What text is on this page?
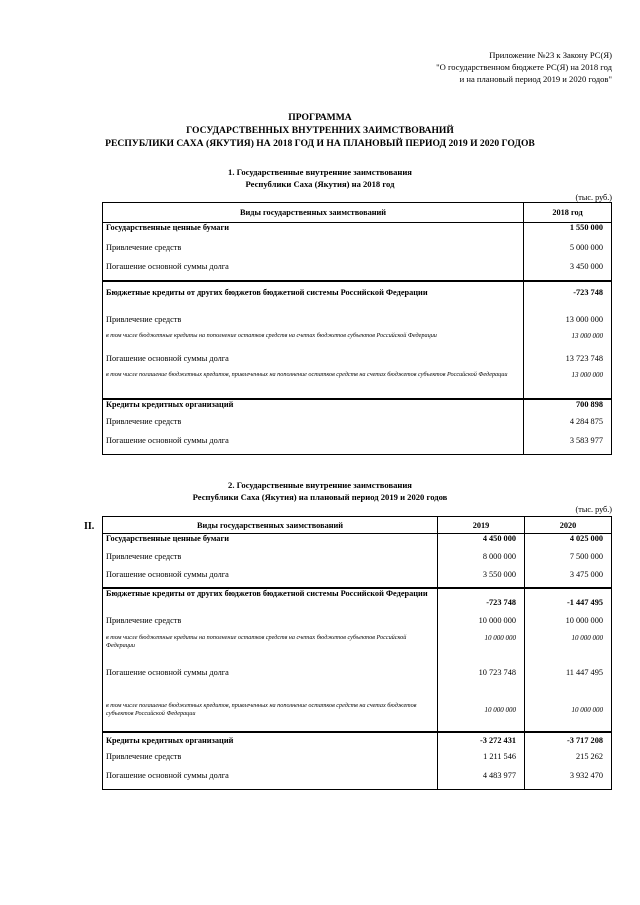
Приложение №23 к Закону РС(Я)
"О государственном бюджете РС(Я) на 2018 год
и на плановый период 2019 и 2020 годов"
ПРОГРАММА
ГОСУДАРСТВЕННЫХ ВНУТРЕННИХ ЗАИМСТВОВАНИЙ
РЕСПУБЛИКИ САХА (ЯКУТИЯ) НА 2018 ГОД И НА ПЛАНОВЫЙ ПЕРИОД 2019 И 2020 ГОДОВ
1. Государственные внутренние заимствования
Республики Саха (Якутия) на 2018 год
(тыс. руб.)
Виды государственных заимствований	2018 год
Государственные ценные бумаги	1 550 000
Привлечение средств	5 000 000
Погашение основной суммы долга	3 450 000
Бюджетные кредиты от других бюджетов бюджетной системы Российской Федерации	-723 748
Привлечение средств	13 000 000
в том числе бюджетные кредиты на пополнение остатков средств на счетах бюджетов субъектов Российской Федерации	13 000 000
Погашение основной суммы долга	13 723 748
в том числе погашение бюджетных кредитов, привлеченных на пополнение остатков средств на счетах бюджетов субъектов Российской Федерации	13 000 000
Кредиты кредитных организаций	700 898
Привлечение средств	4 284 875
Погашение основной суммы долга	3 583 977
2. Государственные внутренние заимствования
Республики Саха (Якутия) на плановый период 2019 и 2020 годов
(тыс. руб.)
II.	Виды государственных заимствований	2019	2020
Государственные ценные бумаги	4 450 000	4 025 000
Привлечение средств	8 000 000	7 500 000
Погашение основной суммы долга	3 550 000	3 475 000
Бюджетные кредиты от других бюджетов бюджетной системы Российской Федерации	-723 748	-1 447 495
Привлечение средств	10 000 000	10 000 000
в том числе бюджетные кредиты на пополнение остатков средств на счетах бюджетов субъектов Российской Федерации	10 000 000	10 000 000
Погашение основной суммы долга	10 723 748	11 447 495
в том числе погашение бюджетных кредитов, привлеченных на пополнение остатков средств на счетах бюджетов субъектов Российской Федерации	10 000 000	10 000 000
Кредиты кредитных организаций	-3 272 431	-3 717 208
Привлечение средств	1 211 546	215 262
Погашение основной суммы долга	4 483 977	3 932 470
